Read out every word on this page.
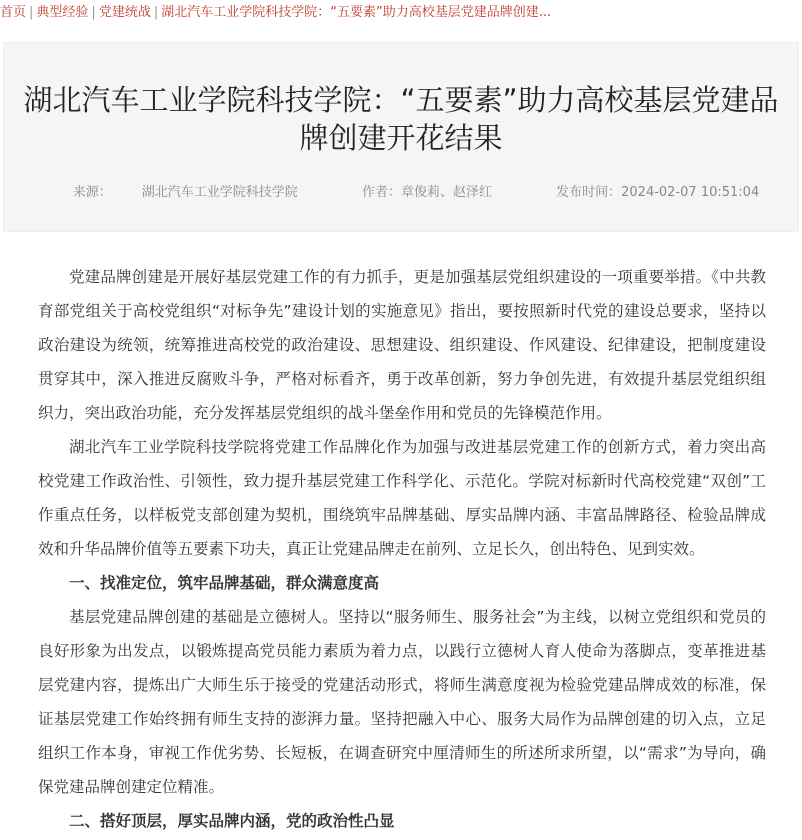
首页 | 典型经验 | 党建统战 | 湖北汽车工业学院科技学院：“五要素”助力高校基层党建品牌创建...
湖北汽车工业学院科技学院：“五要素”助力高校基层党建品牌创建开花结果
来源： 湖北汽车工业学院科技学院	作者：章俊莉、赵泽红	发布时间：2024-02-07 10:51:04

党建品牌创建是开展好基层党建工作的有力抓手，更是加强基层党组织建设的一项重要举措。《中共教育部党组关于高校党组织“对标争先”建设计划的实施意见》指出，要按照新时代党的建设总要求，坚持以政治建设为统领，统筹推进高校党的政治建设、思想建设、组织建设、作风建设、纪律建设，把制度建设贯穿其中，深入推进反腐败斗争，严格对标看齐，勇于改革创新，努力争创先进，有效提升基层党组织组织力，突出政治功能，充分发挥基层党组织的战斗堡垒作用和党员的先锋模范作用。

湖北汽车工业学院科技学院将党建工作品牌化作为加强与改进基层党建工作的创新方式，着力突出高校党建工作政治性、引领性，致力提升基层党建工作科学化、示范化。学院对标新时代高校党建“双创”工作重点任务，以样板党支部创建为契机，围绕筑牢品牌基础、厚实品牌内涵、丰富品牌路径、检验品牌成效和升华品牌价值等五要素下功夫，真正让党建品牌走在前列、立足长久，创出特色、见到实效。

一、找准定位，筑牢品牌基础，群众满意度高

基层党建品牌创建的基础是立德树人。坚持以“服务师生、服务社会”为主线，以树立党组织和党员的良好形象为出发点，以锻炼提高党员能力素质为着力点，以践行立德树人育人使命为落脚点，变革推进基层党建内容，提炼出广大师生乐于接受的党建活动形式，将师生满意度视为检验党建品牌成效的标准，保证基层党建工作始终拥有师生支持的澎湃力量。坚持把融入中心、服务大局作为品牌创建的切入点，立足组织工作本身，审视工作优劣势、长短板，在调查研究中厘清师生的所述所求所望，以“需求”为导向，确保党建品牌创建定位精准。

二、搭好顶层，厚实品牌内涵，党的政治性凸显
